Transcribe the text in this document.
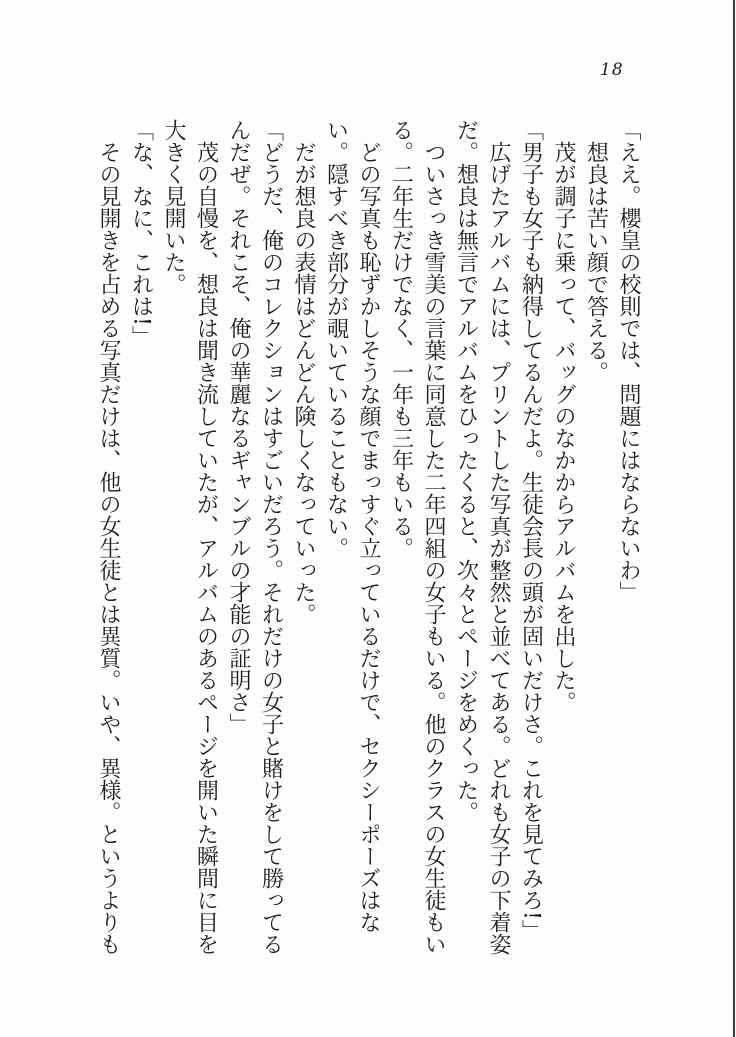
18

「ええ。櫻皇の校則では、問題にはならないわ」

想良は苦い顔で答える。

茂が調子に乗って、バッグのなかからアルバムを出した。

「男子も女子も納得してるんだよ。生徒会長の頭が固いだけさ。これを見てみろ!」

広げたアルバムには、プリントした写真が整然と並べてある。どれも女子の下着姿だ。想良は無言でアルバムをひったくると、次々とページをめくった。

ついさっき雪美の言葉に同意した二年四組の女子もいる。他のクラスの女生徒もいる。二年生だけでなく、一年も三年もいる。

どの写真も恥ずかしそうな顔でまっすぐ立っているだけで、セクシーポーズはない。隠すべき部分が覗いていることもない。

だが想良の表情はどんどん険しくなっていった。

「どうだ、俺のコレクションはすごいだろう。それだけの女子と賭けをして勝ってるんだぜ。それこそ、俺の華麗なるギャンブルの才能の証明さ」

茂の自慢を、想良は聞き流していたが、アルバムのあるページを開いた瞬間に目を大きく見開いた。

「な、なに、これは!」

その見開きを占める写真だけは、他の女生徒とは異質。いや、異様。というよりも
